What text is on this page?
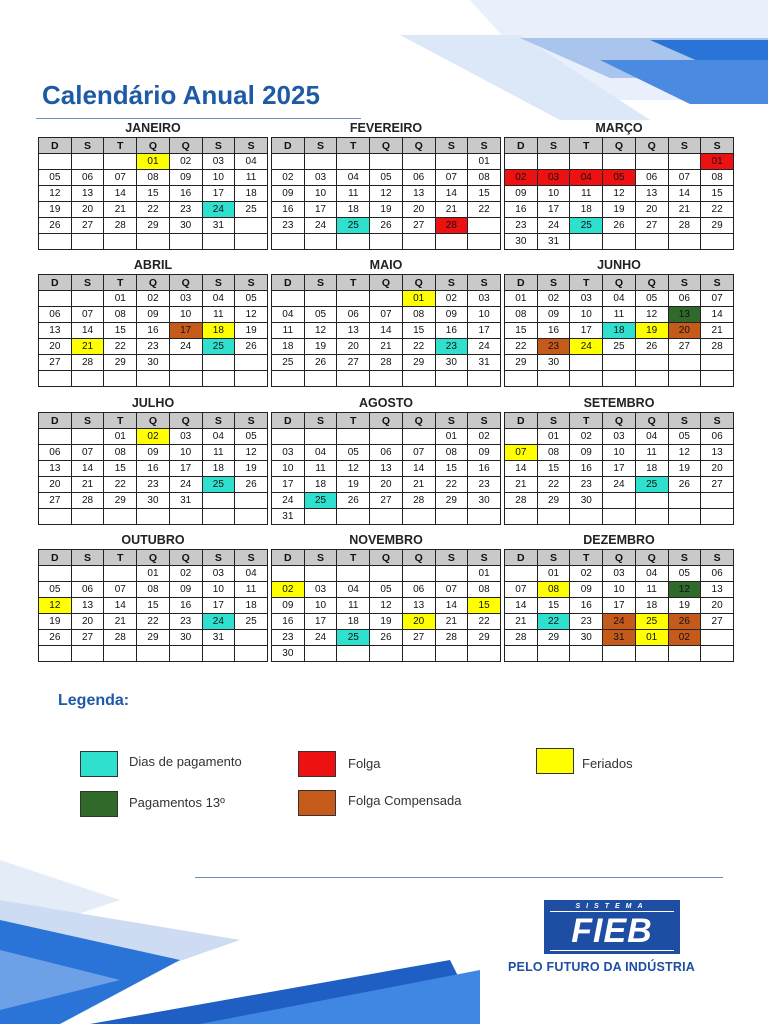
Calendário Anual 2025
JANEIRO
D	S	T	Q	Q	S	S
			01	02	03	04
05	06	07	08	09	10	11
12	13	14	15	16	17	18
19	20	21	22	23	24	25
26	27	28	29	30	31	

FEVEREIRO
D	S	T	Q	Q	S	S
						01
02	03	04	05	06	07	08
09	10	11	12	13	14	15
16	17	18	19	20	21	22
23	24	25	26	27	28	

MARÇO
D	S	T	Q	Q	S	S
						01
02	03	04	05	06	07	08
09	10	11	12	13	14	15
16	17	18	19	20	21	22
23	24	25	26	27	28	29
30	31					
ABRIL
D	S	T	Q	Q	S	S
		01	02	03	04	05
06	07	08	09	10	11	12
13	14	15	16	17	18	19
20	21	22	23	24	25	26
27	28	29	30			

MAIO
D	S	T	Q	Q	S	S
				01	02	03
04	05	06	07	08	09	10
11	12	13	14	15	16	17
18	19	20	21	22	23	24
25	26	27	28	29	30	31

JUNHO
D	S	T	Q	Q	S	S
01	02	03	04	05	06	07
08	09	10	11	12	13	14
15	16	17	18	19	20	21
22	23	24	25	26	27	28
29	30					

JULHO
D	S	T	Q	Q	S	S
		01	02	03	04	05
06	07	08	09	10	11	12
13	14	15	16	17	18	19
20	21	22	23	24	25	26
27	28	29	30	31		

AGOSTO
D	S	T	Q	Q	S	S
					01	02
03	04	05	06	07	08	09
10	11	12	13	14	15	16
17	18	19	20	21	22	23
24	25	26	27	28	29	30
31						
SETEMBRO
D	S	T	Q	Q	S	S
	01	02	03	04	05	06
07	08	09	10	11	12	13
14	15	16	17	18	19	20
21	22	23	24	25	26	27
28	29	30				

OUTUBRO
D	S	T	Q	Q	S	S
			01	02	03	04
05	06	07	08	09	10	11
12	13	14	15	16	17	18
19	20	21	22	23	24	25
26	27	28	29	30	31	

NOVEMBRO
D	S	T	Q	Q	S	S
						01
02	03	04	05	06	07	08
09	10	11	12	13	14	15
16	17	18	19	20	21	22
23	24	25	26	27	28	29
30						
DEZEMBRO
D	S	T	Q	Q	S	S
	01	02	03	04	05	06
07	08	09	10	11	12	13
14	15	16	17	18	19	20
21	22	23	24	25	26	27
28	29	30	31	01	02	

Legenda:
Dias de pagamento	Folga	Feriados
Pagamentos 13º	Folga Compensada
SISTEMA
FIEB
PELO FUTURO DA INDÚSTRIA
